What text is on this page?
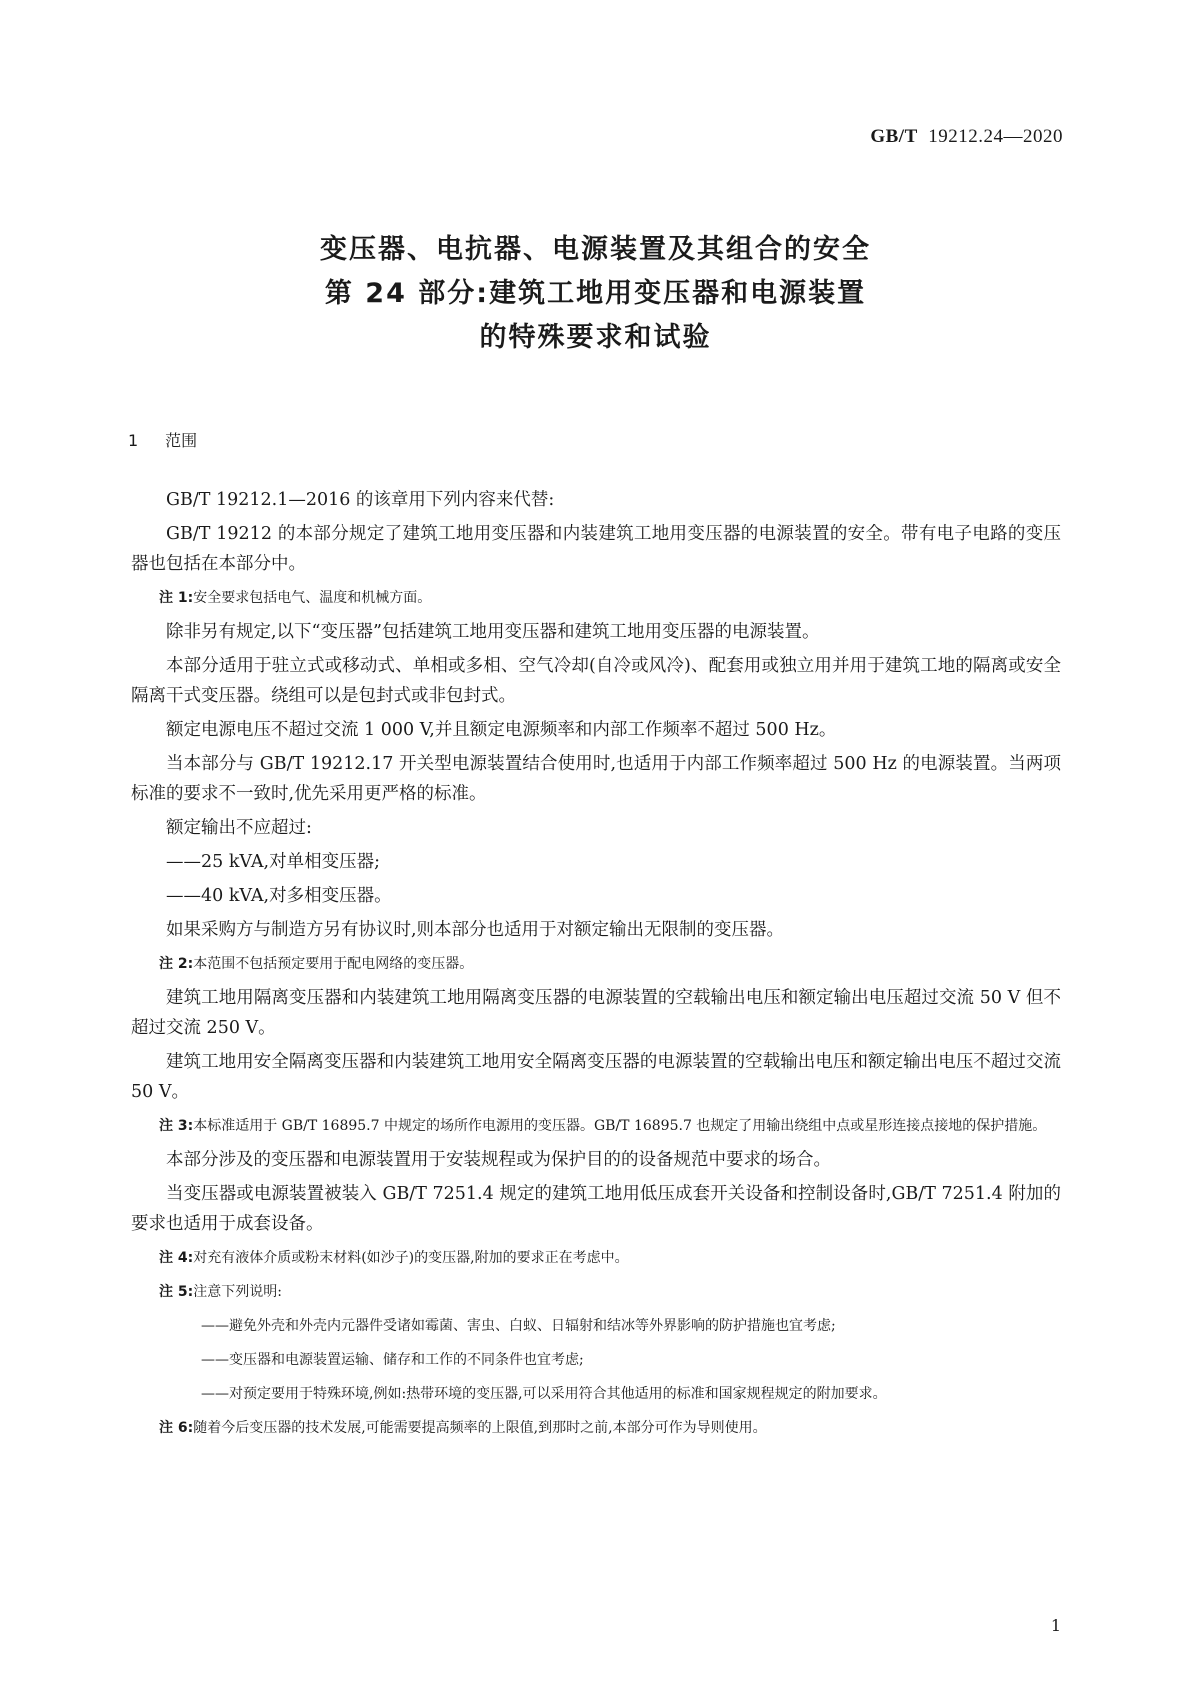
GB/T 19212.24—2020
变压器、电抗器、电源装置及其组合的安全
第 24 部分:建筑工地用变压器和电源装置
的特殊要求和试验
1 范围

GB/T 19212.1—2016 的该章用下列内容来代替:

GB/T 19212 的本部分规定了建筑工地用变压器和内装建筑工地用变压器的电源装置的安全。带有电子电路的变压器也包括在本部分中。

注 1:安全要求包括电气、温度和机械方面。

除非另有规定,以下“变压器”包括建筑工地用变压器和建筑工地用变压器的电源装置。

本部分适用于驻立式或移动式、单相或多相、空气冷却(自冷或风冷)、配套用或独立用并用于建筑工地的隔离或安全隔离干式变压器。绕组可以是包封式或非包封式。

额定电源电压不超过交流 1 000 V,并且额定电源频率和内部工作频率不超过 500 Hz。

当本部分与 GB/T 19212.17 开关型电源装置结合使用时,也适用于内部工作频率超过 500 Hz 的电源装置。当两项标准的要求不一致时,优先采用更严格的标准。

额定输出不应超过:

——25 kVA,对单相变压器;

——40 kVA,对多相变压器。

如果采购方与制造方另有协议时,则本部分也适用于对额定输出无限制的变压器。

注 2:本范围不包括预定要用于配电网络的变压器。

建筑工地用隔离变压器和内装建筑工地用隔离变压器的电源装置的空载输出电压和额定输出电压超过交流 50 V 但不超过交流 250 V。

建筑工地用安全隔离变压器和内装建筑工地用安全隔离变压器的电源装置的空载输出电压和额定输出电压不超过交流 50 V。

注 3:本标准适用于 GB/T 16895.7 中规定的场所作电源用的变压器。GB/T 16895.7 也规定了用输出绕组中点或星形连接点接地的保护措施。

本部分涉及的变压器和电源装置用于安装规程或为保护目的的设备规范中要求的场合。

当变压器或电源装置被装入 GB/T 7251.4 规定的建筑工地用低压成套开关设备和控制设备时,GB/T 7251.4 附加的要求也适用于成套设备。

注 4:对充有液体介质或粉末材料(如沙子)的变压器,附加的要求正在考虑中。

注 5:注意下列说明:

——避免外壳和外壳内元器件受诸如霉菌、害虫、白蚁、日辐射和结冰等外界影响的防护措施也宜考虑;

——变压器和电源装置运输、储存和工作的不同条件也宜考虑;

——对预定要用于特殊环境,例如:热带环境的变压器,可以采用符合其他适用的标准和国家规程规定的附加要求。

注 6:随着今后变压器的技术发展,可能需要提高频率的上限值,到那时之前,本部分可作为导则使用。

1
